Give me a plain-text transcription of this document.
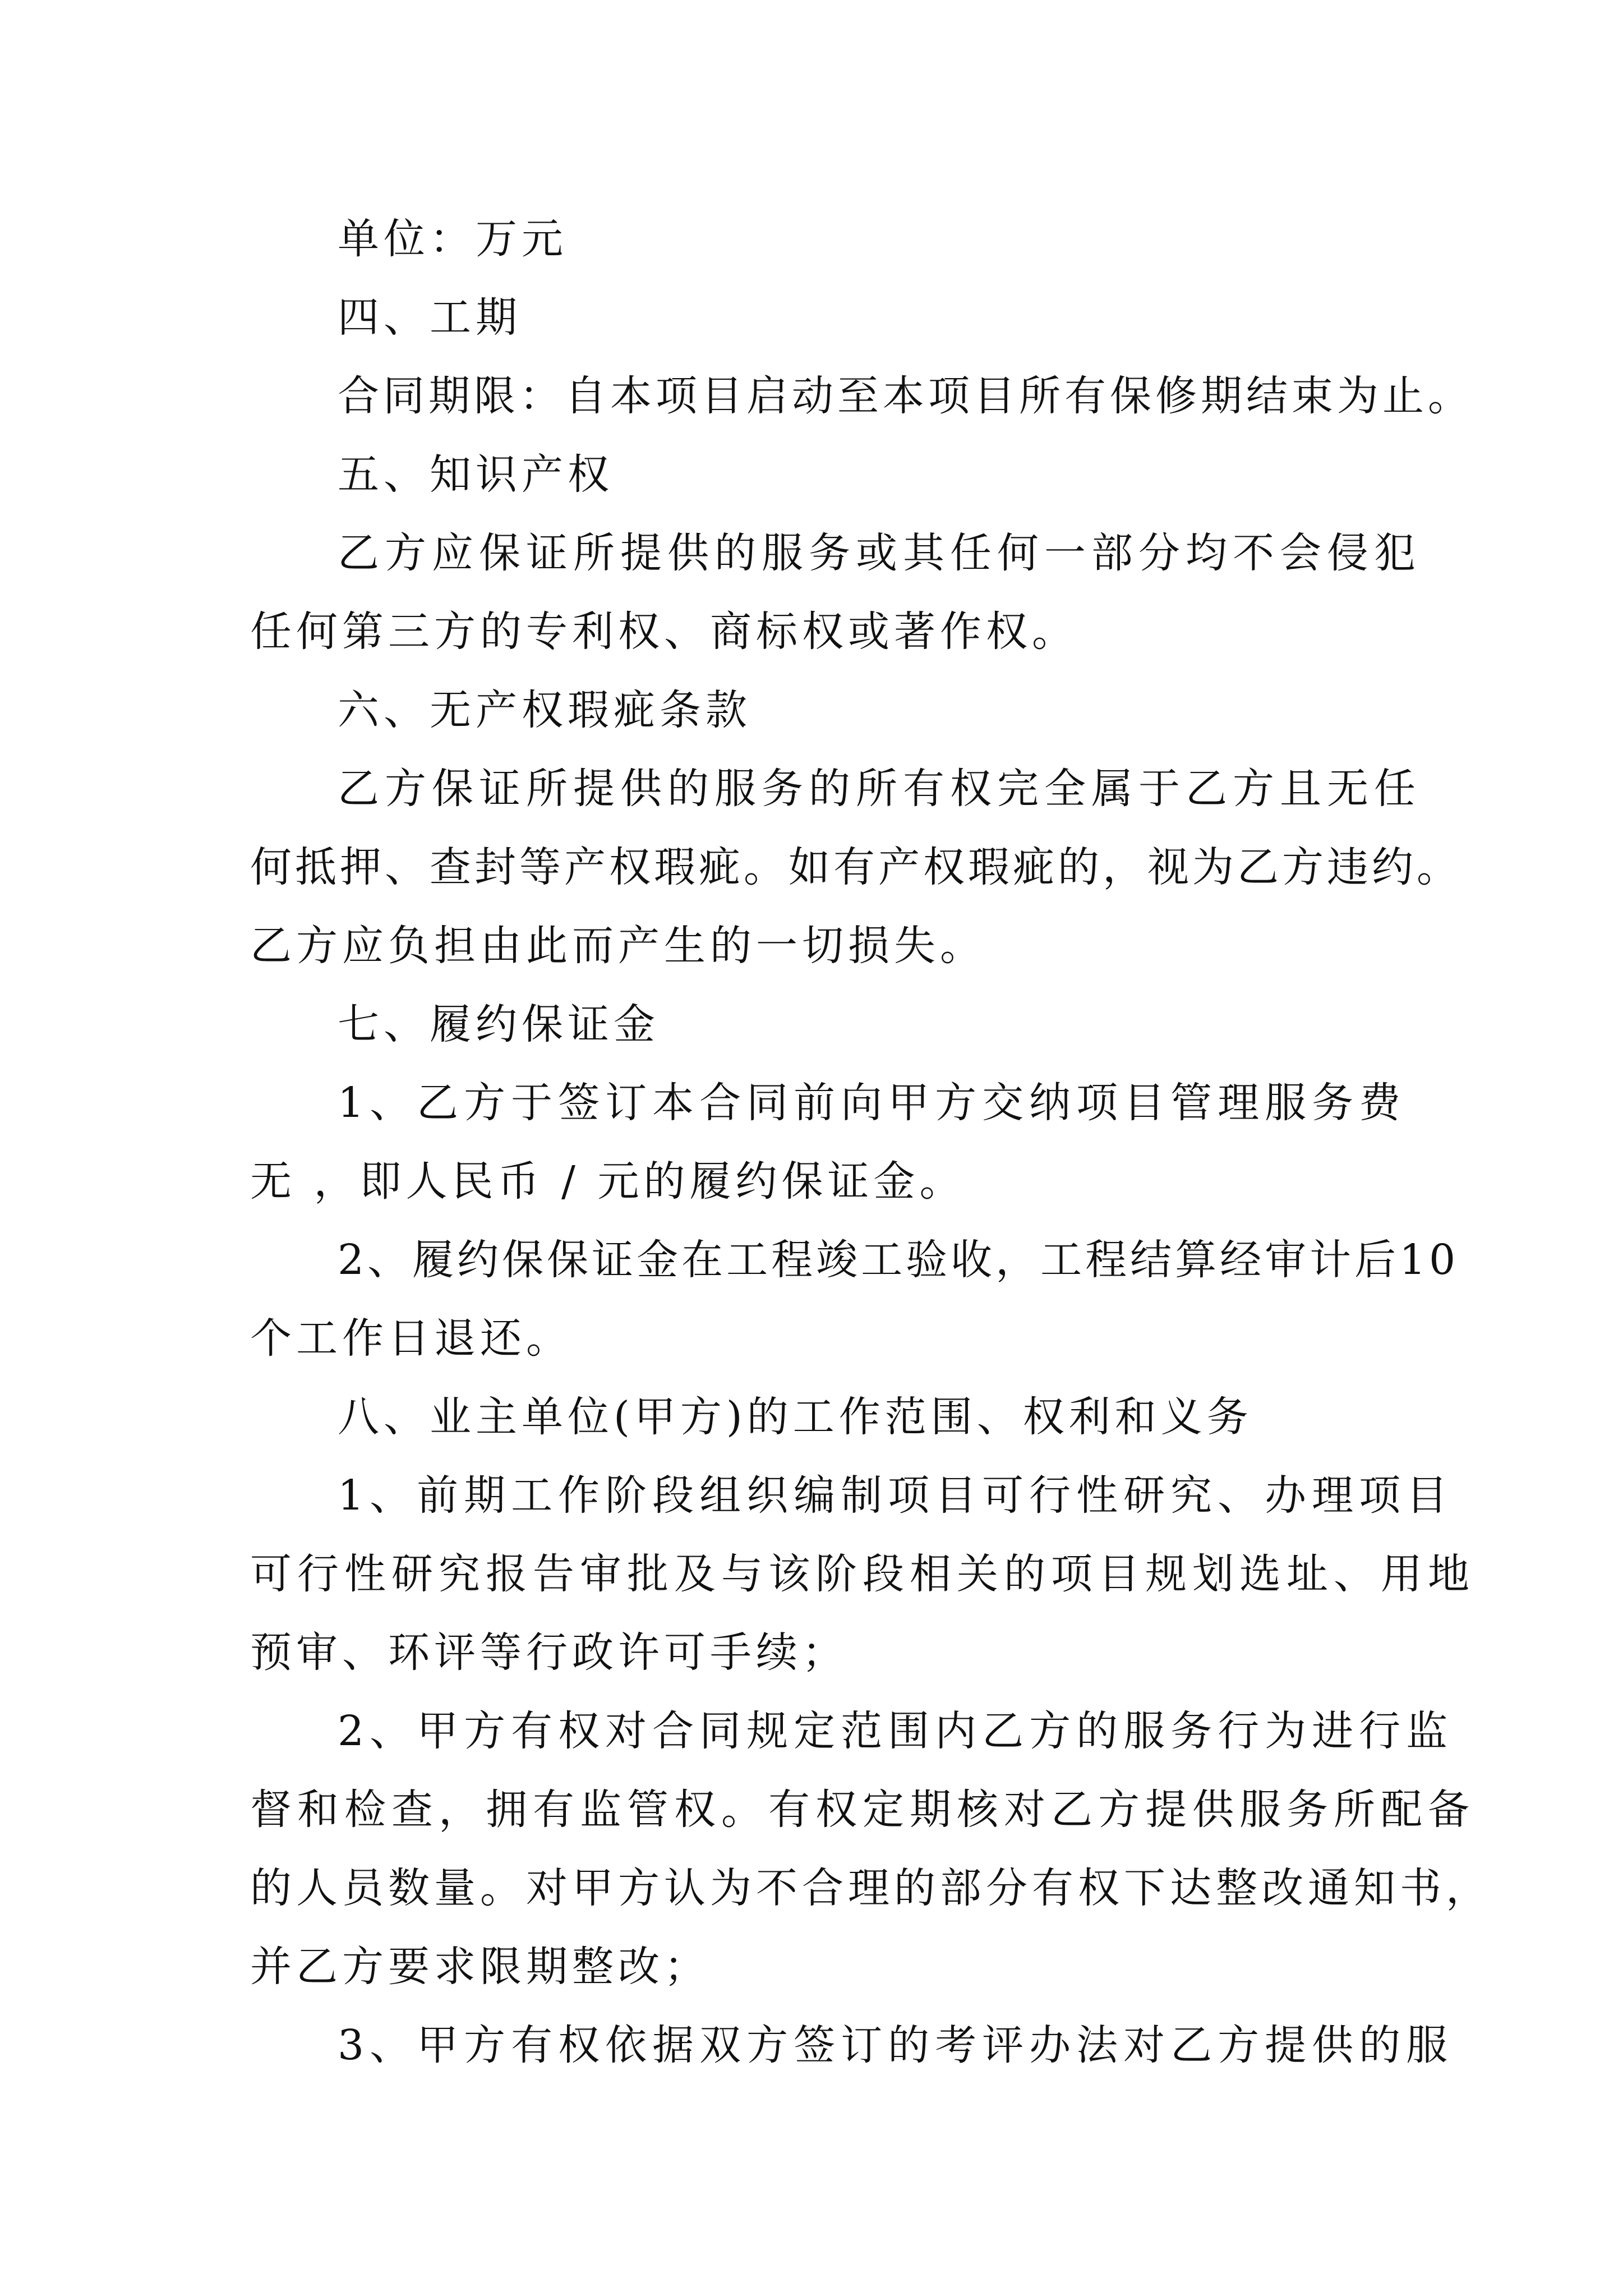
单位：万元

四、工期

合同期限：自本项目启动至本项目所有保修期结束为止。

五、知识产权

乙方应保证所提供的服务或其任何一部分均不会侵犯

任何第三方的专利权、商标权或著作权。

六、无产权瑕疵条款

乙方保证所提供的服务的所有权完全属于乙方且无任

何抵押、查封等产权瑕疵。如有产权瑕疵的，视为乙方违约。

乙方应负担由此而产生的一切损失。

七、履约保证金

1、乙方于签订本合同前向甲方交纳项目管理服务费

无 ，即人民币 / 元的履约保证金。

2、履约保保证金在工程竣工验收，工程结算经审计后10

个工作日退还。

八、业主单位(甲方)的工作范围、权利和义务

1、前期工作阶段组织编制项目可行性研究、办理项目

可行性研究报告审批及与该阶段相关的项目规划选址、用地

预审、环评等行政许可手续；

2、甲方有权对合同规定范围内乙方的服务行为进行监

督和检查，拥有监管权。有权定期核对乙方提供服务所配备

的人员数量。对甲方认为不合理的部分有权下达整改通知书，

并乙方要求限期整改；

3、甲方有权依据双方签订的考评办法对乙方提供的服
